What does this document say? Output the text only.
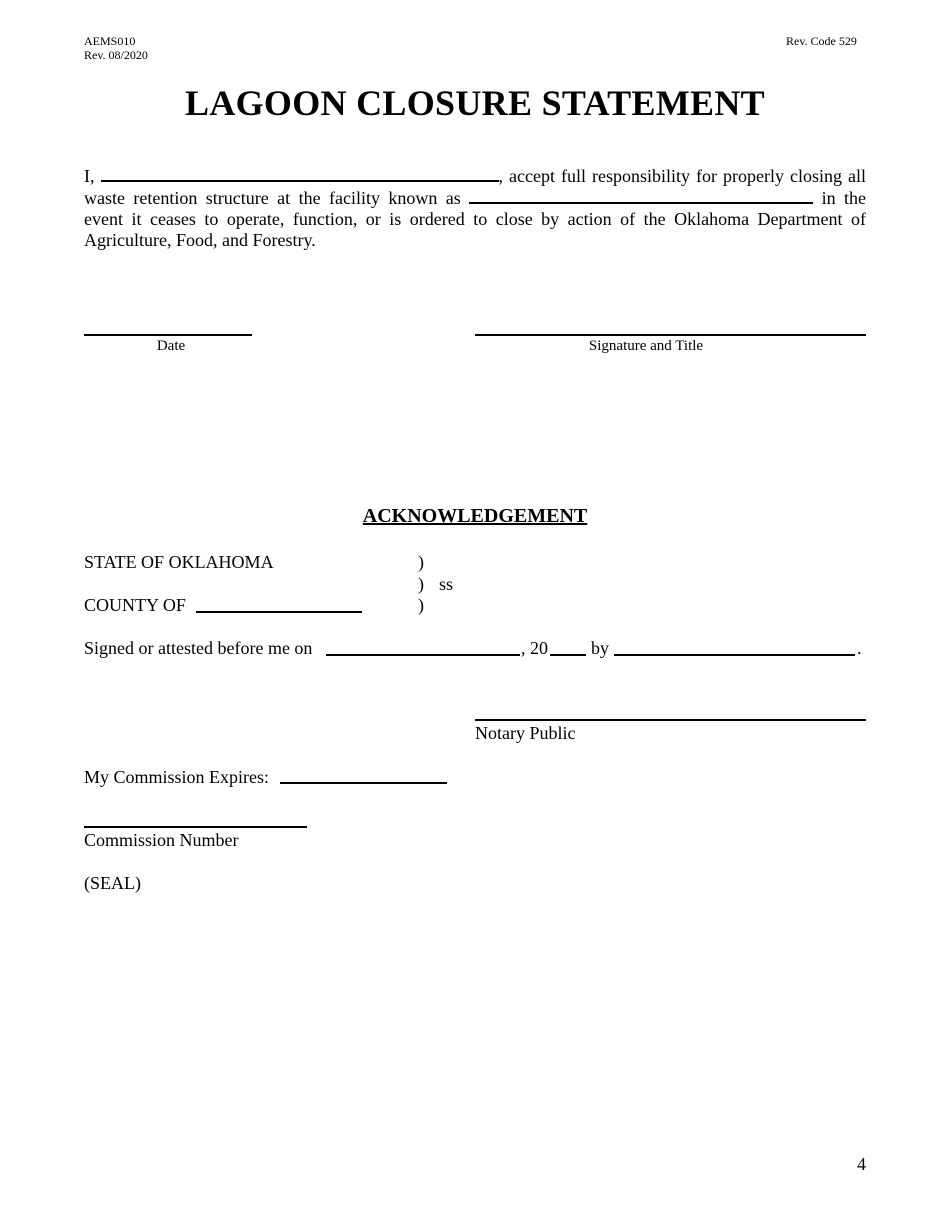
AEMS010
Rev. 08/2020
Rev. Code 529
LAGOON CLOSURE STATEMENT
I,	, accept full responsibility for properly closing all waste retention structure at the facility known as	in the event it ceases to operate, function, or is ordered to close by action of the Oklahoma Department of Agriculture, Food, and Forestry.
Date	Signature and Title
ACKNOWLEDGEMENT
STATE OF OKLAHOMA	)
) ss
)
COUNTY OF
Signed or attested before me on	, 20 by	.
Notary Public
My Commission Expires:
Commission Number
(SEAL)
4
